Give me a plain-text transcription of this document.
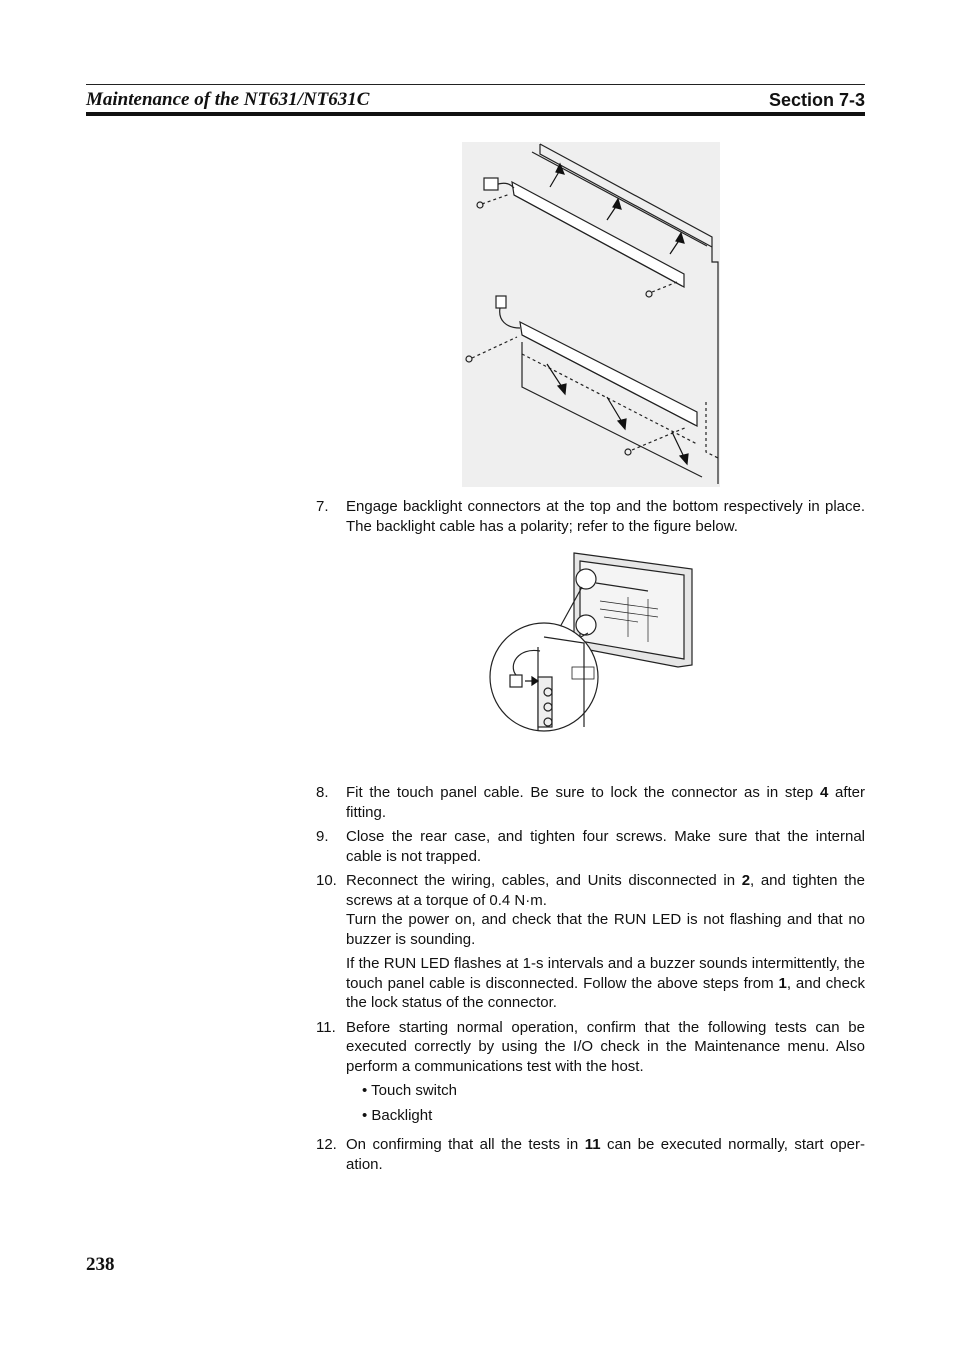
Maintenance of the NT631/NT631C	Section 7-3
7.	Engage backlight connectors at the top and the bottom respectively in place. The backlight cable has a polarity; refer to the figure below.

8.	Fit the touch panel cable. Be sure to lock the connector as in step 4 after fitting.

9.	Close the rear case, and tighten four screws. Make sure that the internal cable is not trapped.

10. Reconnect the wiring, cables, and Units disconnected in 2, and tighten the screws at a torque of 0.4 N·m.

Turn the power on, and check that the RUN LED is not flashing and that no buzzer is sounding.

If the RUN LED flashes at 1-s intervals and a buzzer sounds intermittently, the touch panel cable is disconnected. Follow the above steps from 1, and check the lock status of the connector.

11. Before starting normal operation, confirm that the following tests can be executed correctly by using the I/O check in the Maintenance menu. Also perform a communications test with the host.

• Touch switch
• Backlight
12. On confirming that all the tests in 11 can be executed normally, start oper-ation.

238
